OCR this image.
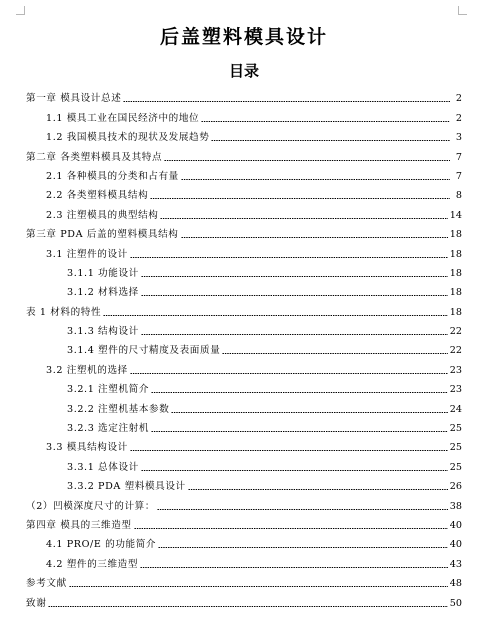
后盖塑料模具设计
目录
第一章 模具设计总述	2
1.1 模具工业在国民经济中的地位	2
1.2 我国模具技术的现状及发展趋势	3
第二章 各类塑料模具及其特点	7
2.1 各种模具的分类和占有量	7
2.2 各类塑料模具结构	8
2.3 注塑模具的典型结构	14
第三章 PDA 后盖的塑料模具结构	18
3.1 注塑件的设计	18
3.1.1 功能设计	18
3.1.2 材料选择	18
表 1 材料的特性	18
3.1.3 结构设计	22
3.1.4 塑件的尺寸精度及表面质量	22
3.2 注塑机的选择	23
3.2.1 注塑机简介	23
3.2.2 注塑机基本参数	24
3.2.3 选定注射机	25
3.3 模具结构设计	25
3.3.1 总体设计	25
3.3.2 PDA 塑料模具设计	26
（2）凹模深度尺寸的计算：	38
第四章 模具的三维造型	40
4.1 PRO/E 的功能简介	40
4.2 塑件的三维造型	43
参考文献	48
致谢	50
